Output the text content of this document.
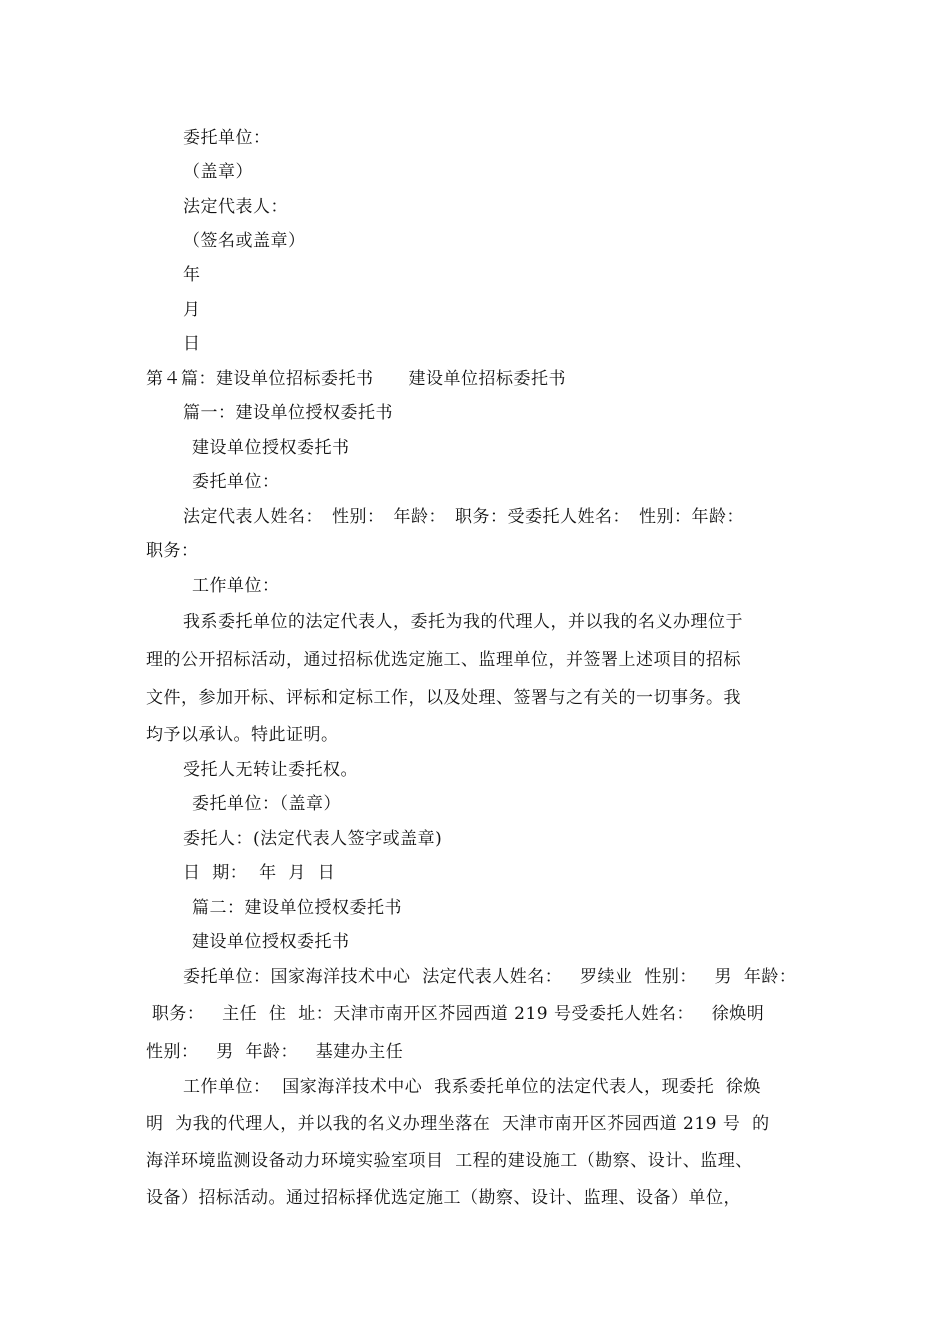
委托单位：
（盖章）
法定代表人：
（签名或盖章）
年
月
日
第４篇：建设单位招标委托书　　建设单位招标委托书
篇一：建设单位授权委托书
建设单位授权委托书
委托单位：
法定代表人姓名：　性别：　年龄：　职务：受委托人姓名：　性别：年龄：
职务：
工作单位：
我系委托单位的法定代表人，委托为我的代理人，并以我的名义办理位于
理的公开招标活动，通过招标优选定施工、监理单位，并签署上述项目的招标
文件，参加开标、评标和定标工作，以及处理、签署与之有关的一切事务。我
均予以承认。特此证明。
受托人无转让委托权。
委托单位：（盖章）
委托人：(法定代表人签字或盖章)
日  期：  年  月  日
篇二：建设单位授权委托书
建设单位授权委托书
委托单位：国家海洋技术中心  法定代表人姓名：   罗续业  性别：   男  年龄：
职务：   主任  住  址：天津市南开区芥园西道 219 号受委托人姓名：   徐焕明
性别：   男  年龄：   基建办主任
工作单位：  国家海洋技术中心  我系委托单位的法定代表人，现委托  徐焕
明  为我的代理人，并以我的名义办理坐落在  天津市南开区芥园西道 219 号  的
海洋环境监测设备动力环境实验室项目  工程的建设施工（勘察、设计、监理、
设备）招标活动。通过招标择优选定施工（勘察、设计、监理、设备）单位，
